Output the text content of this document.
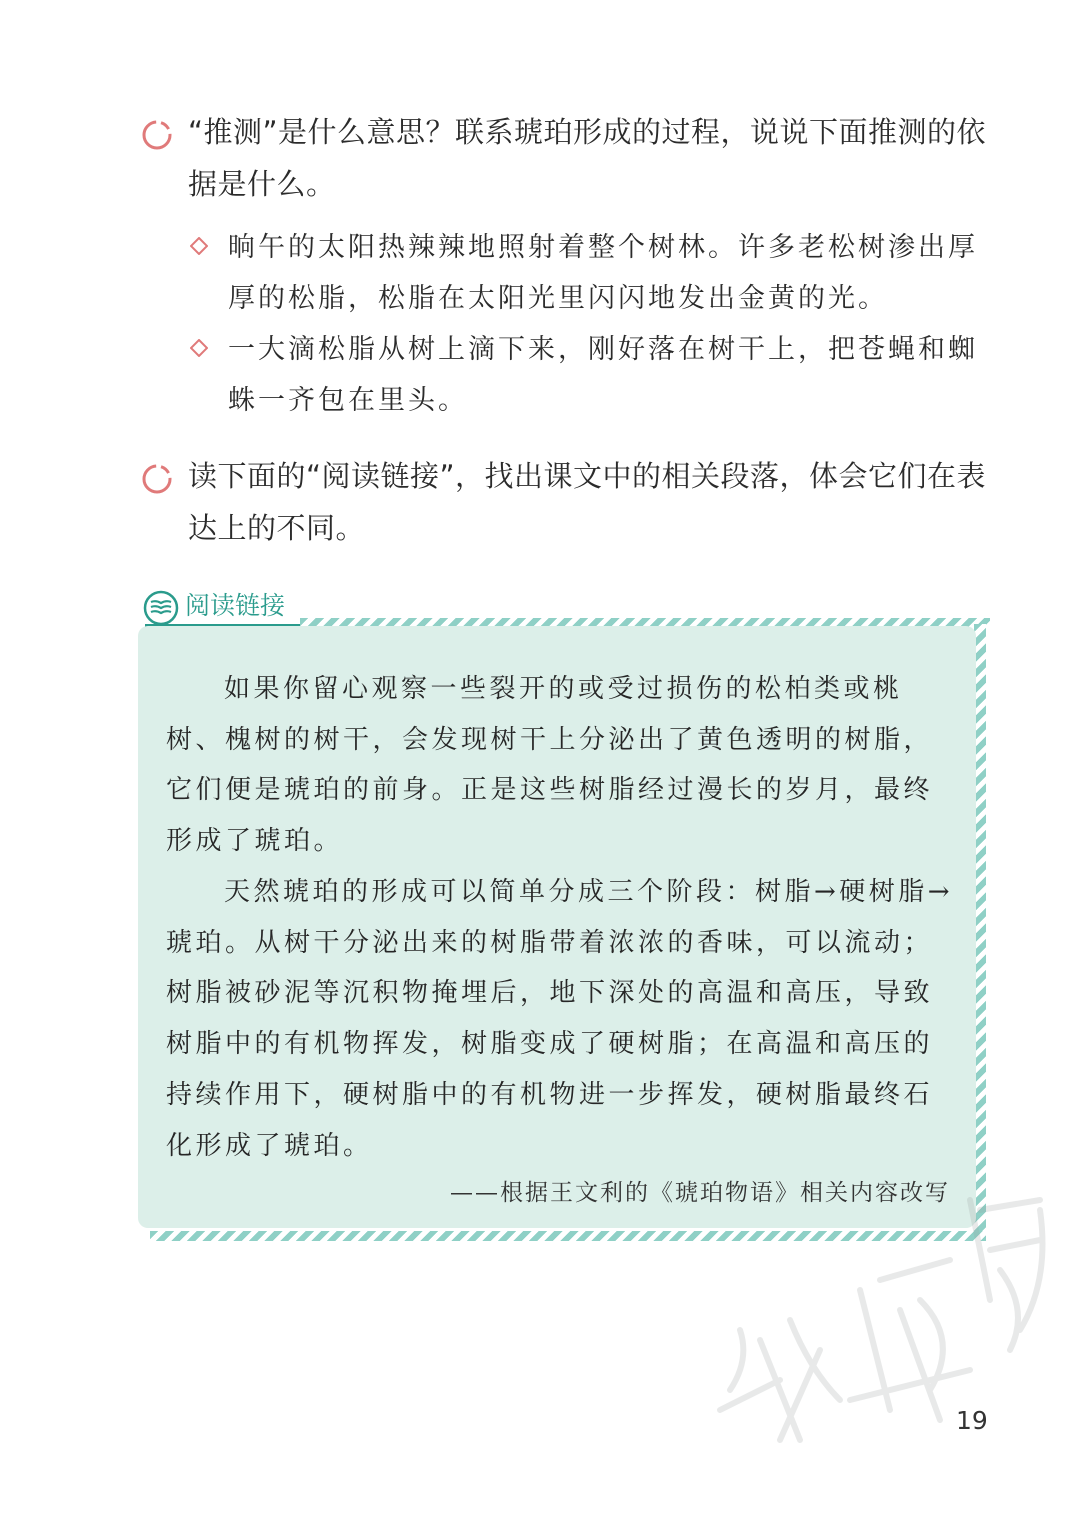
“推测”是什么意思？联系琥珀形成的过程，说说下面推测的依据是什么。
晌午的太阳热辣辣地照射着整个树林。许多老松树渗出厚厚的松脂，松脂在太阳光里闪闪地发出金黄的光。
一大滴松脂从树上滴下来，刚好落在树干上，把苍蝇和蜘蛛一齐包在里头。
读下面的“阅读链接”，找出课文中的相关段落，体会它们在表达上的不同。
阅读链接

如果你留心观察一些裂开的或受过损伤的松柏类或桃树、槐树的树干，会发现树干上分泌出了黄色透明的树脂，它们便是琥珀的前身。正是这些树脂经过漫长的岁月，最终形成了琥珀。

天然琥珀的形成可以简单分成三个阶段：树脂→硬树脂→琥珀。从树干分泌出来的树脂带着浓浓的香味，可以流动；树脂被砂泥等沉积物掩埋后，地下深处的高温和高压，导致树脂中的有机物挥发，树脂变成了硬树脂；在高温和高压的持续作用下，硬树脂中的有机物进一步挥发，硬树脂最终石化形成了琥珀。

——根据王文利的《琥珀物语》相关内容改写
19
